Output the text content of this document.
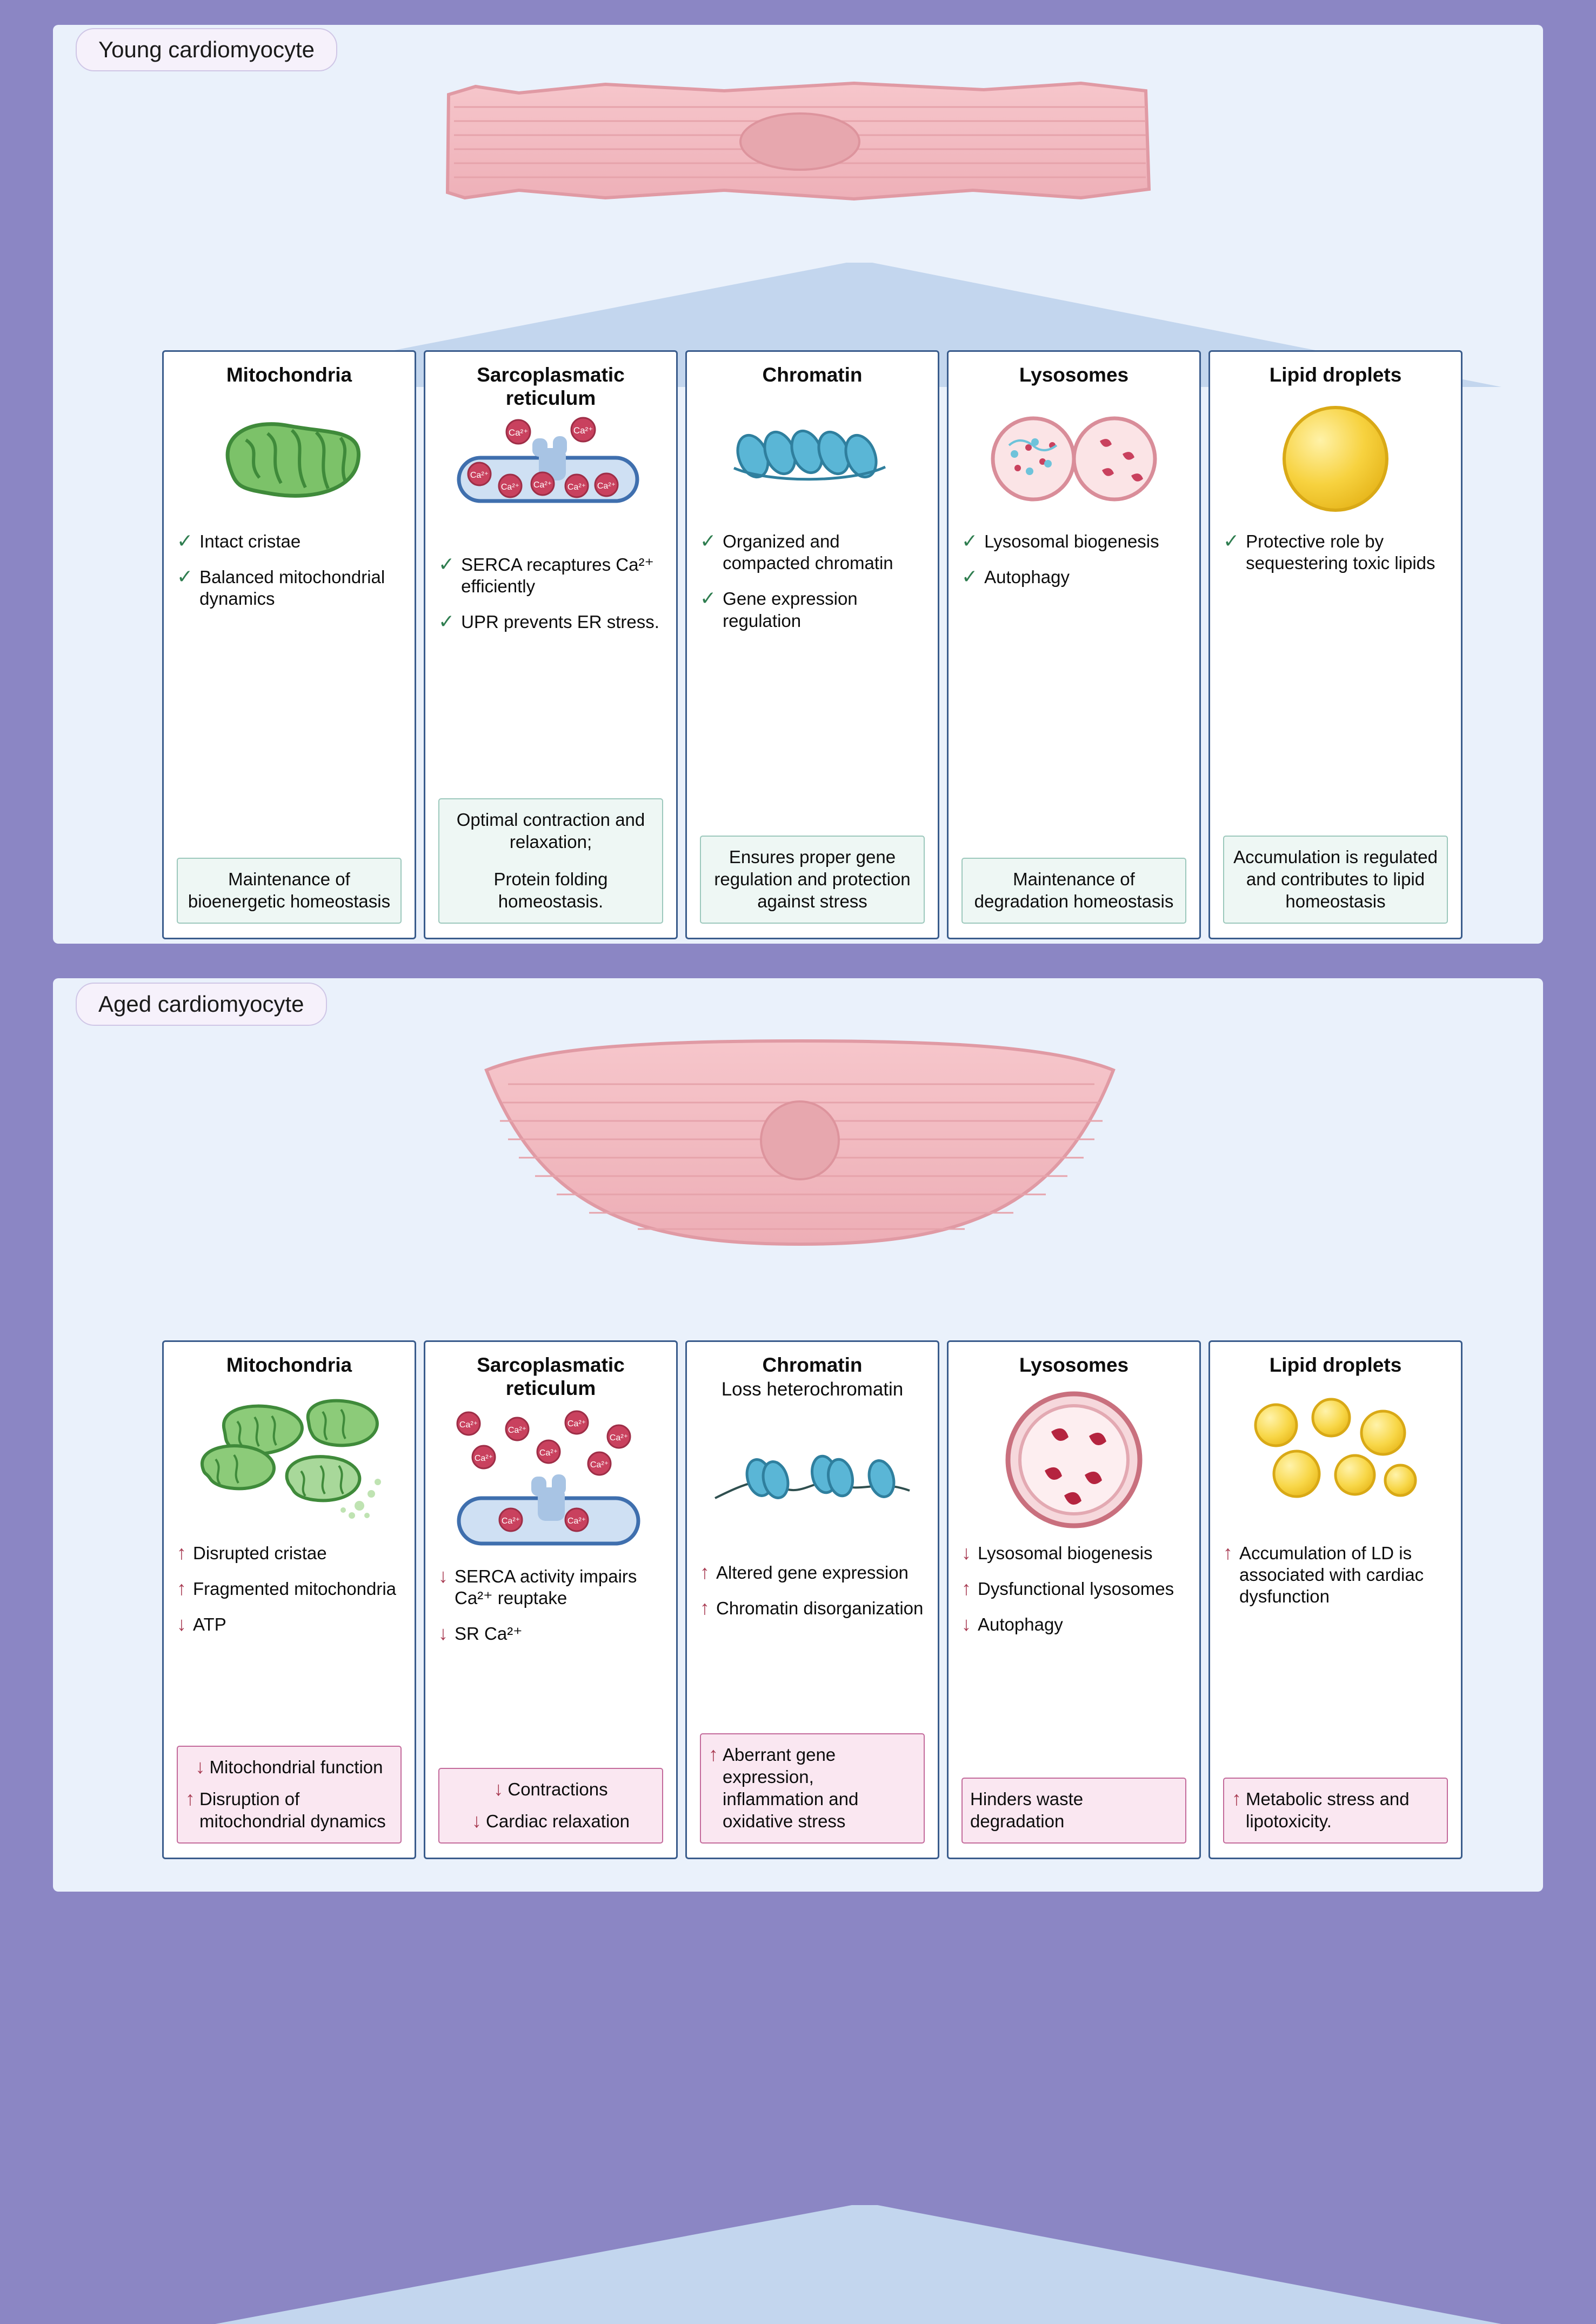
Young cardiomyocyte
Mitochondria
✓ Intact cristae
✓ Balanced mitochondrial dynamics

Maintenance of bioenergetic homeostasis

Sarcoplasmatic reticulum
Ca²⁺	Ca²⁺
Ca²⁺
Ca²⁺ Ca²⁺ Ca²⁺ Ca²⁺
✓ SERCA recaptures Ca²⁺ efficiently
✓ UPR prevents ER stress.

Optimal contraction and relaxation;

Protein folding homeostasis.

Chromatin
✓ Organized and compacted chromatin
✓ Gene expression regulation

Ensures proper gene regulation and protection against stress

Lysosomes
✓ Lysosomal biogenesis
✓ Autophagy

Maintenance of degradation homeostasis

Lipid droplets
✓ Protective role by sequestering toxic lipids

Accumulation is regulated and contributes to lipid homeostasis

Aged cardiomyocyte
Mitochondria
↑ Disrupted cristae
↑ Fragmented mitochondria
↓ ATP
↓ Mitochondrial function
↑ Disruption of mitochondrial dynamics
Sarcoplasmatic reticulum
Ca²⁺
Ca²⁺
Ca²⁺
Ca²⁺
Ca²⁺
Ca²⁺
Ca²⁺
Ca²⁺	Ca²⁺
↓ SERCA activity impairs Ca²⁺ reuptake
↓ SR Ca²⁺
↓ Contractions
↓ Cardiac relaxation
Chromatin
Loss heterochromatin
↑ Altered gene expression
↑ Chromatin disorganization
↑ Aberrant gene expression, inflammation and oxidative stress
Lysosomes
↓ Lysosomal biogenesis
↑ Dysfunctional lysosomes
↓ Autophagy
Hinders waste degradation
Lipid droplets
↑ Accumulation of LD is associated with cardiac dysfunction
↑ Metabolic stress and lipotoxicity.
